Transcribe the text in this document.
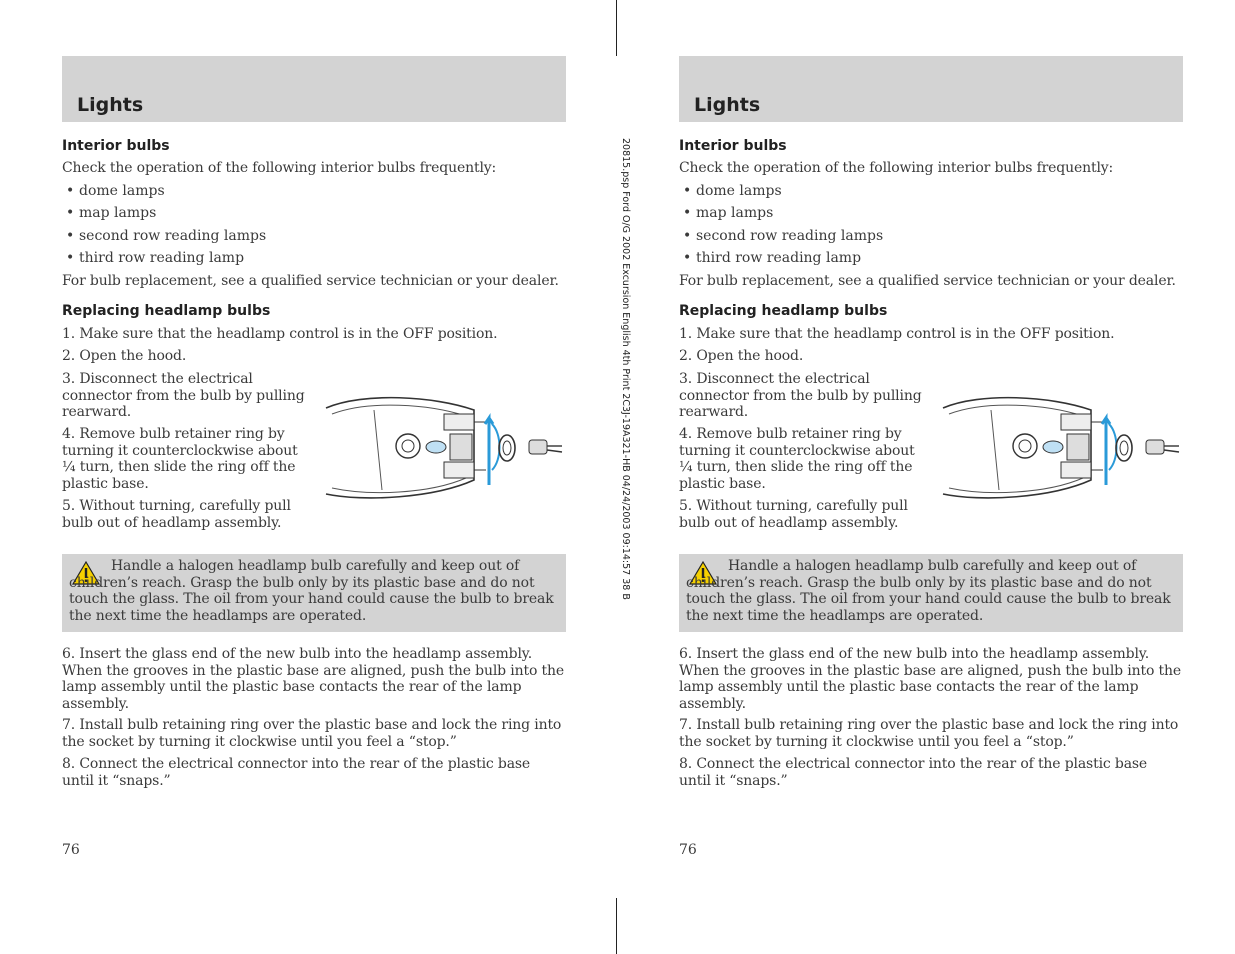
20815.psp Ford O/G 2002 Excursion English 4th Print 2C3J-19A321-HB 04/24/2003 09:14:57 38 B
Lights
Interior bulbs
Check the operation of the following interior bulbs frequently:
• dome lamps
• map lamps
• second row reading lamps
• third row reading lamp
For bulb replacement, see a qualified service technician or your dealer.
Replacing headlamp bulbs
1. Make sure that the headlamp control is in the OFF position.
2. Open the hood.
3. Disconnect the electrical connector from the bulb by pulling rearward.
4. Remove bulb retainer ring by turning it counterclockwise about ¼ turn, then slide the ring off the plastic base.
5. Without turning, carefully pull bulb out of headlamp assembly.
Handle a halogen headlamp bulb carefully and keep out of children’s reach. Grasp the bulb only by its plastic base and do not touch the glass. The oil from your hand could cause the bulb to break the next time the headlamps are operated.
6. Insert the glass end of the new bulb into the headlamp assembly. When the grooves in the plastic base are aligned, push the bulb into the lamp assembly until the plastic base contacts the rear of the lamp assembly.
7. Install bulb retaining ring over the plastic base and lock the ring into the socket by turning it clockwise until you feel a “stop.”
8. Connect the electrical connector into the rear of the plastic base until it “snaps.”
76
Lights
Interior bulbs
Check the operation of the following interior bulbs frequently:
• dome lamps
• map lamps
• second row reading lamps
• third row reading lamp
For bulb replacement, see a qualified service technician or your dealer.
Replacing headlamp bulbs
1. Make sure that the headlamp control is in the OFF position.
2. Open the hood.
3. Disconnect the electrical connector from the bulb by pulling rearward.
4. Remove bulb retainer ring by turning it counterclockwise about ¼ turn, then slide the ring off the plastic base.
5. Without turning, carefully pull bulb out of headlamp assembly.
Handle a halogen headlamp bulb carefully and keep out of children’s reach. Grasp the bulb only by its plastic base and do not touch the glass. The oil from your hand could cause the bulb to break the next time the headlamps are operated.
6. Insert the glass end of the new bulb into the headlamp assembly. When the grooves in the plastic base are aligned, push the bulb into the lamp assembly until the plastic base contacts the rear of the lamp assembly.
7. Install bulb retaining ring over the plastic base and lock the ring into the socket by turning it clockwise until you feel a “stop.”
8. Connect the electrical connector into the rear of the plastic base until it “snaps.”
76
